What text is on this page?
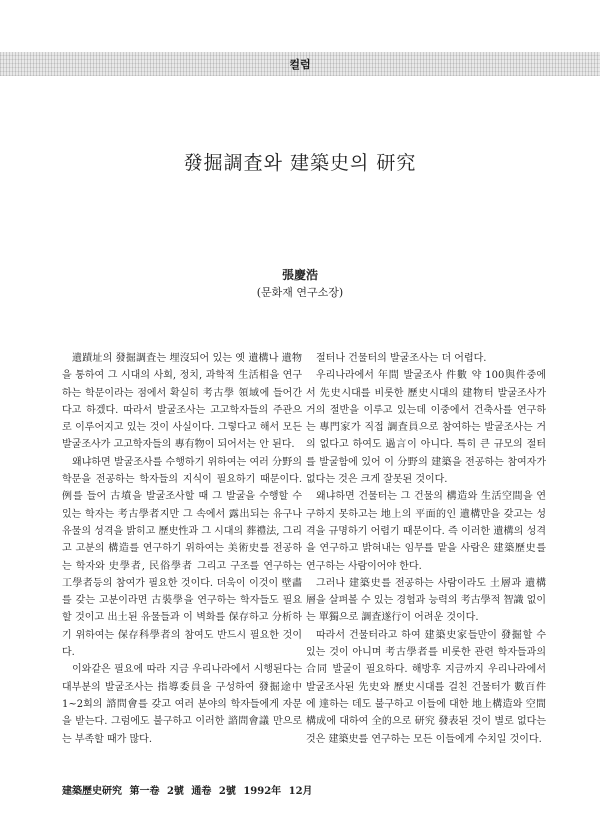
컬럼
發掘調査와 建築史의 研究
張慶浩
(문화재 연구소장)

遺蹟址의 發掘調査는 埋沒되어 있는 옛 遺構나 遺物을 통하여 그 시대의 사회, 정치, 과학적 生活相을 연구하는 학문이라는 점에서 확실히 考古學 領域에 들어간다고 하겠다. 따라서 발굴조사는 고고학자들의 주관으로 이루어지고 있는 것이 사실이다. 그렇다고 해서 모든 발굴조사가 고고학자들의 專有物이 되어서는 안 된다.

왜냐하면 발굴조사를 수행하기 위하여는 여러 分野의 학문을 전공하는 학자들의 지식이 필요하기 때문이다. 例를 들어 古墳을 발굴조사할 때 그 발굴을 수행할 수 있는 학자는 考古學者지만 그 속에서 露出되는 유구나 유물의 성격을 밝히고 歷史性과 그 시대의 葬禮法, 그리고 고분의 構造를 연구하기 위하여는 美術史를 전공하는 학자와 史學者, 民俗學者 그리고 구조를 연구하는 工學者등의 참여가 필요한 것이다. 더욱이 이것이 壁畵를 갖는 고분이라면 古裝學을 연구하는 학자들도 필요할 것이고 出土된 유물들과 이 벽화를 保存하고 分析하기 위하여는 保存科學者의 참여도 반드시 필요한 것이다.

이와같은 필요에 따라 지금 우리나라에서 시행된다는 대부분의 발굴조사는 指導委員을 구성하여 發掘途中 1~2회의 諮問會를 갖고 여러 분야의 학자들에게 자문을 받는다. 그럼에도 불구하고 이러한 諮問會議 만으로는 부족할 때가 많다.

절터나 건물터의 발굴조사는 더 어렵다.

우리나라에서 年間 발굴조사 件數 약 100與件중에서 先史시대를 비롯한 歷史시대의 建物터 발굴조사가 거의 절반을 이루고 있는데 이중에서 건축사를 연구하는 專門家가 직접 調査員으로 참여하는 발굴조사는 거의 없다고 하여도 過言이 아니다. 특히 큰 규모의 절터를 발굴함에 있어 이 分野의 建築을 전공하는 참여자가 없다는 것은 크게 잘못된 것이다.

왜냐하면 건물터는 그 건물의 構造와 生活空間을 연구하지 못하고는 地上의 平面的인 遺構만을 갖고는 성격을 규명하기 어렵기 때문이다. 즉 이러한 遺構의 성격을 연구하고 밝혀내는 임무를 맡을 사람은 建築歷史를 연구하는 사람이어야 한다.

그러나 建築史를 전공하는 사람이라도 土層과 遺構層을 살펴볼 수 있는 경험과 능력의 考古學적 智識 없이는 單獨으로 調査遂行이 어려운 것이다.

따라서 건물터라고 하여 建築史家들만이 發掘할 수 있는 것이 아니며 考古學者를 비롯한 관련 학자들과의 合同 발굴이 필요하다. 해방후 지금까지 우리나라에서 발굴조사된 先史와 歷史시대를 걸친 건물터가 數百件에 達하는 데도 불구하고 이들에 대한 地上構造와 空間構成에 대하여 全的으로 研究 發表된 것이 별로 없다는 것은 建築史를 연구하는 모든 이들에게 수치일 것이다.

建築歷史研究 第一卷 2號 通卷 2號 1992年 12月
